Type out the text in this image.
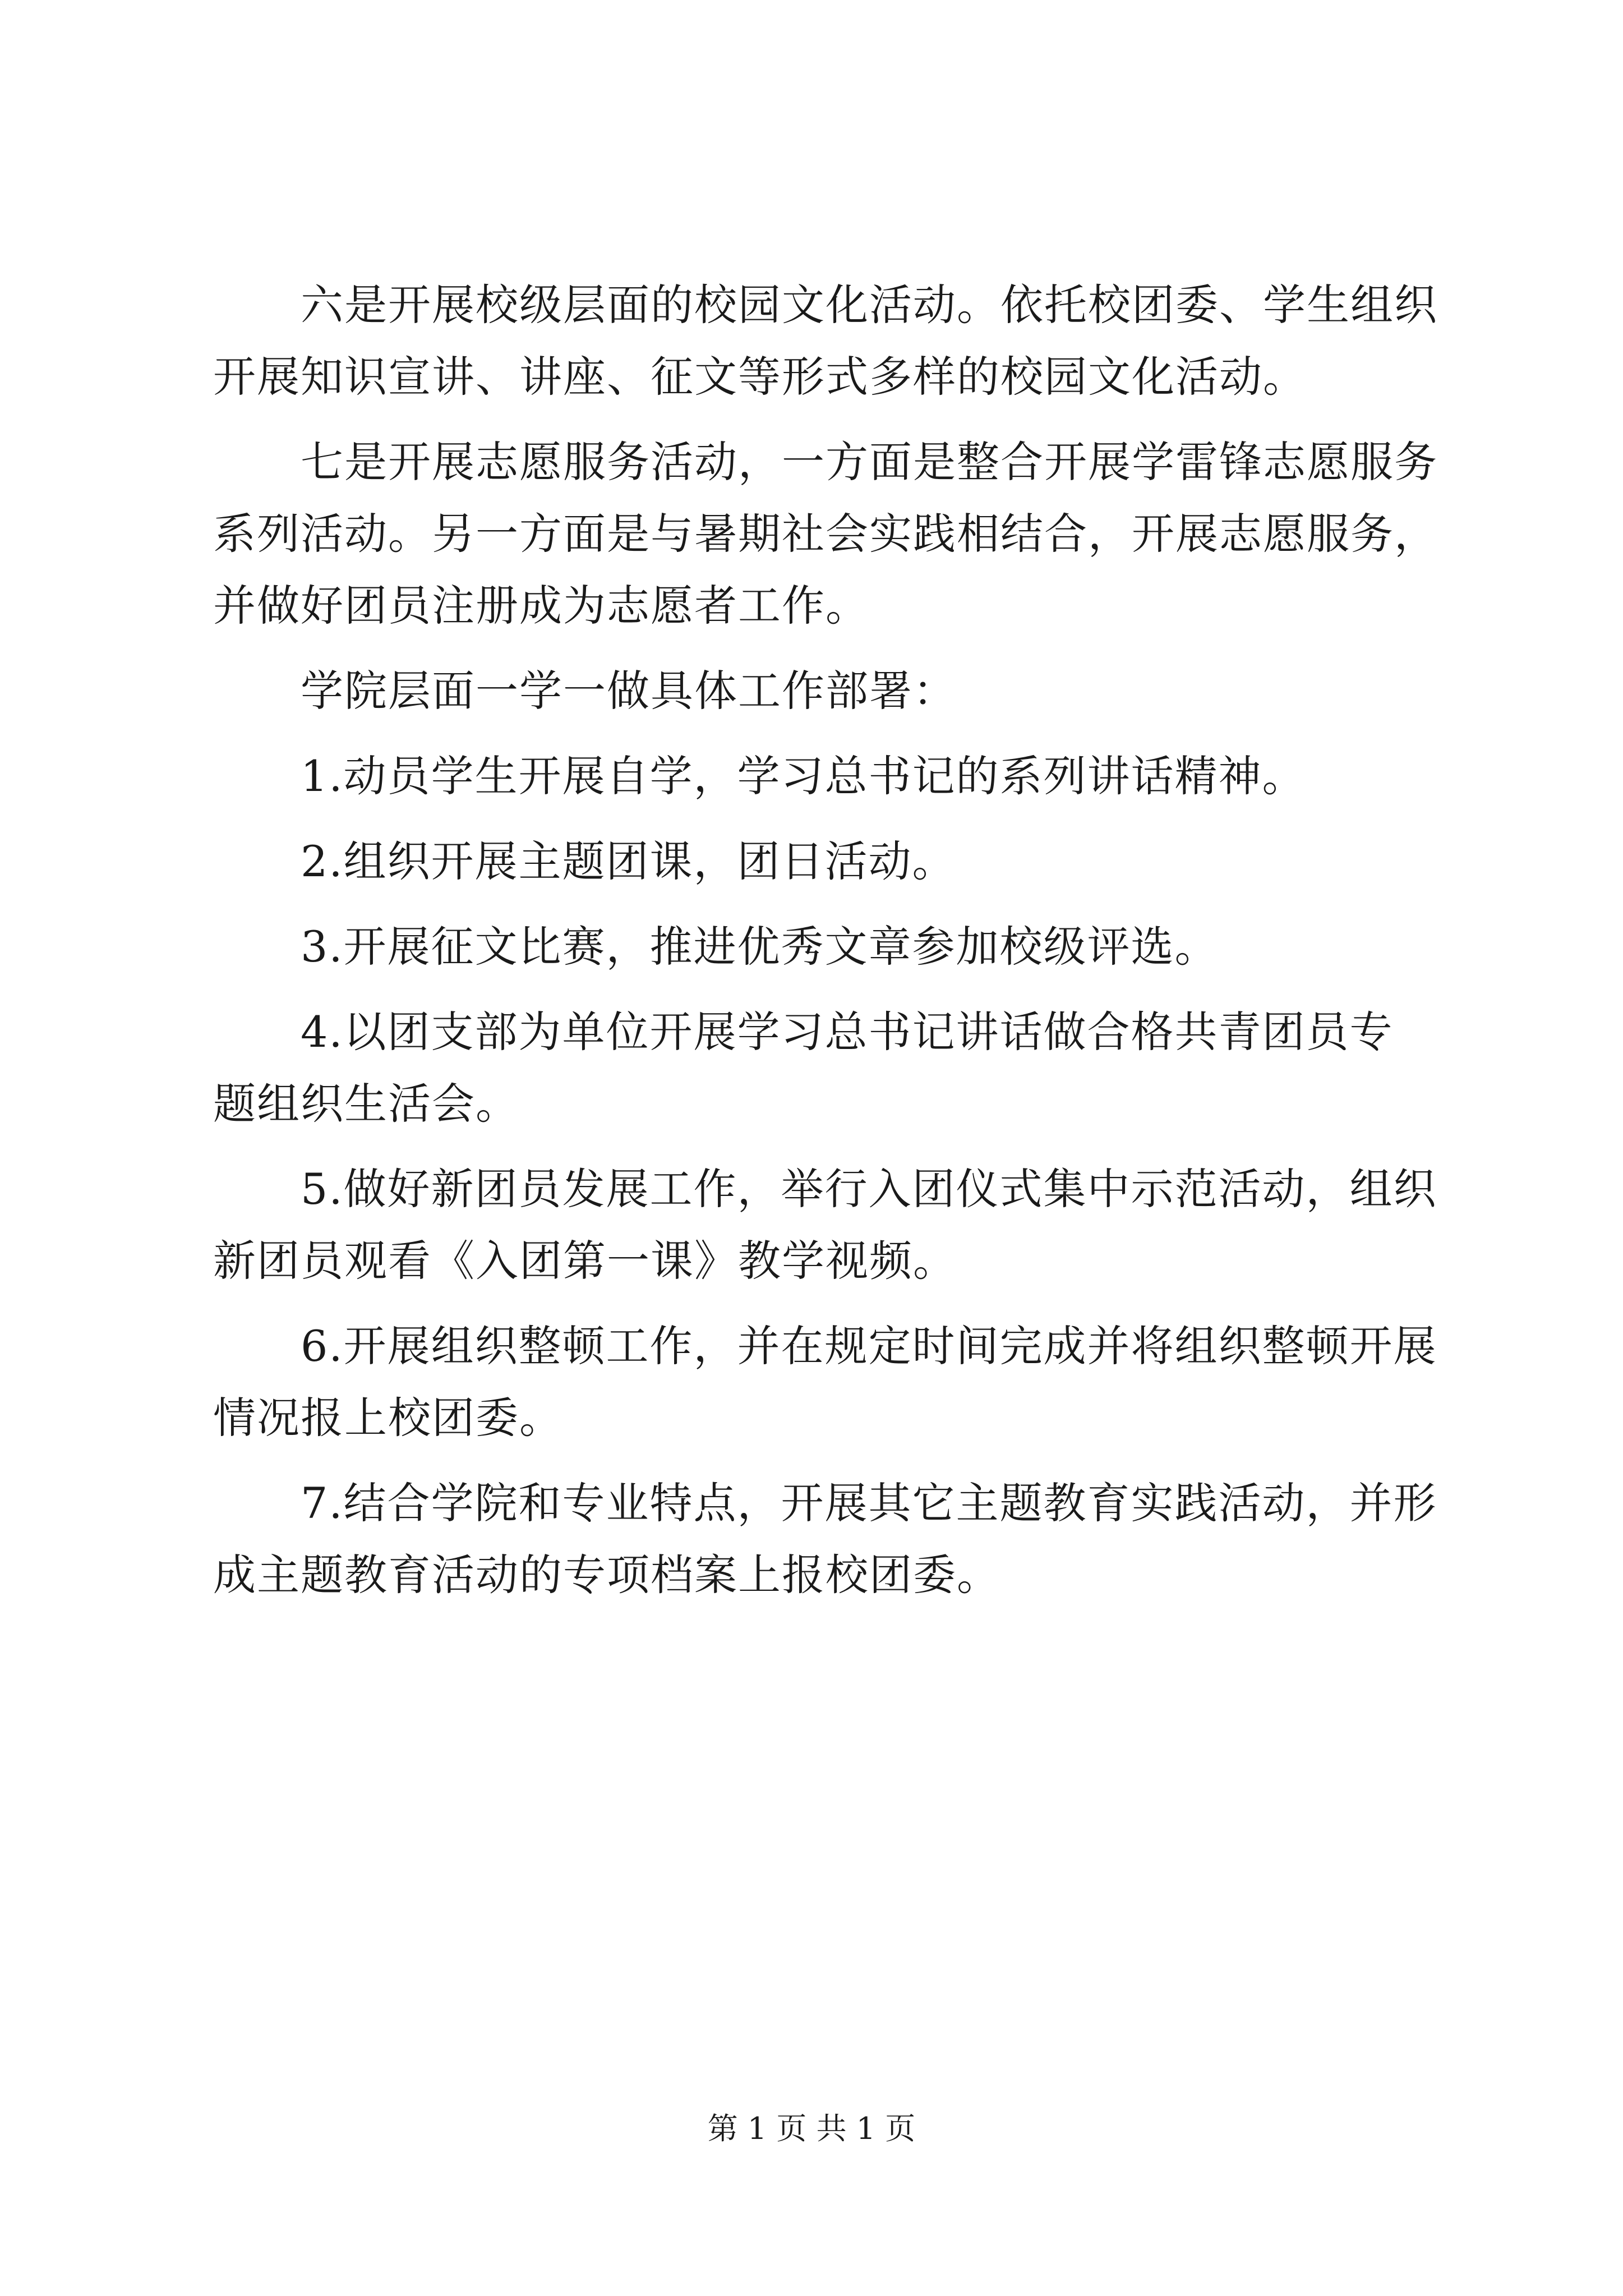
六是开展校级层面的校园文化活动。依托校团委、学生组织
开展知识宣讲、讲座、征文等形式多样的校园文化活动。
七是开展志愿服务活动，一方面是整合开展学雷锋志愿服务
系列活动。另一方面是与暑期社会实践相结合，开展志愿服务，
并做好团员注册成为志愿者工作。
学院层面一学一做具体工作部署：
1.动员学生开展自学，学习总书记的系列讲话精神。
2.组织开展主题团课，团日活动。
3.开展征文比赛，推进优秀文章参加校级评选。
4.以团支部为单位开展学习总书记讲话做合格共青团员专
题组织生活会。
5.做好新团员发展工作，举行入团仪式集中示范活动，组织
新团员观看《入团第一课》教学视频。
6.开展组织整顿工作，并在规定时间完成并将组织整顿开展
情况报上校团委。
7.结合学院和专业特点，开展其它主题教育实践活动，并形
成主题教育活动的专项档案上报校团委。
第 1 页 共 1 页
